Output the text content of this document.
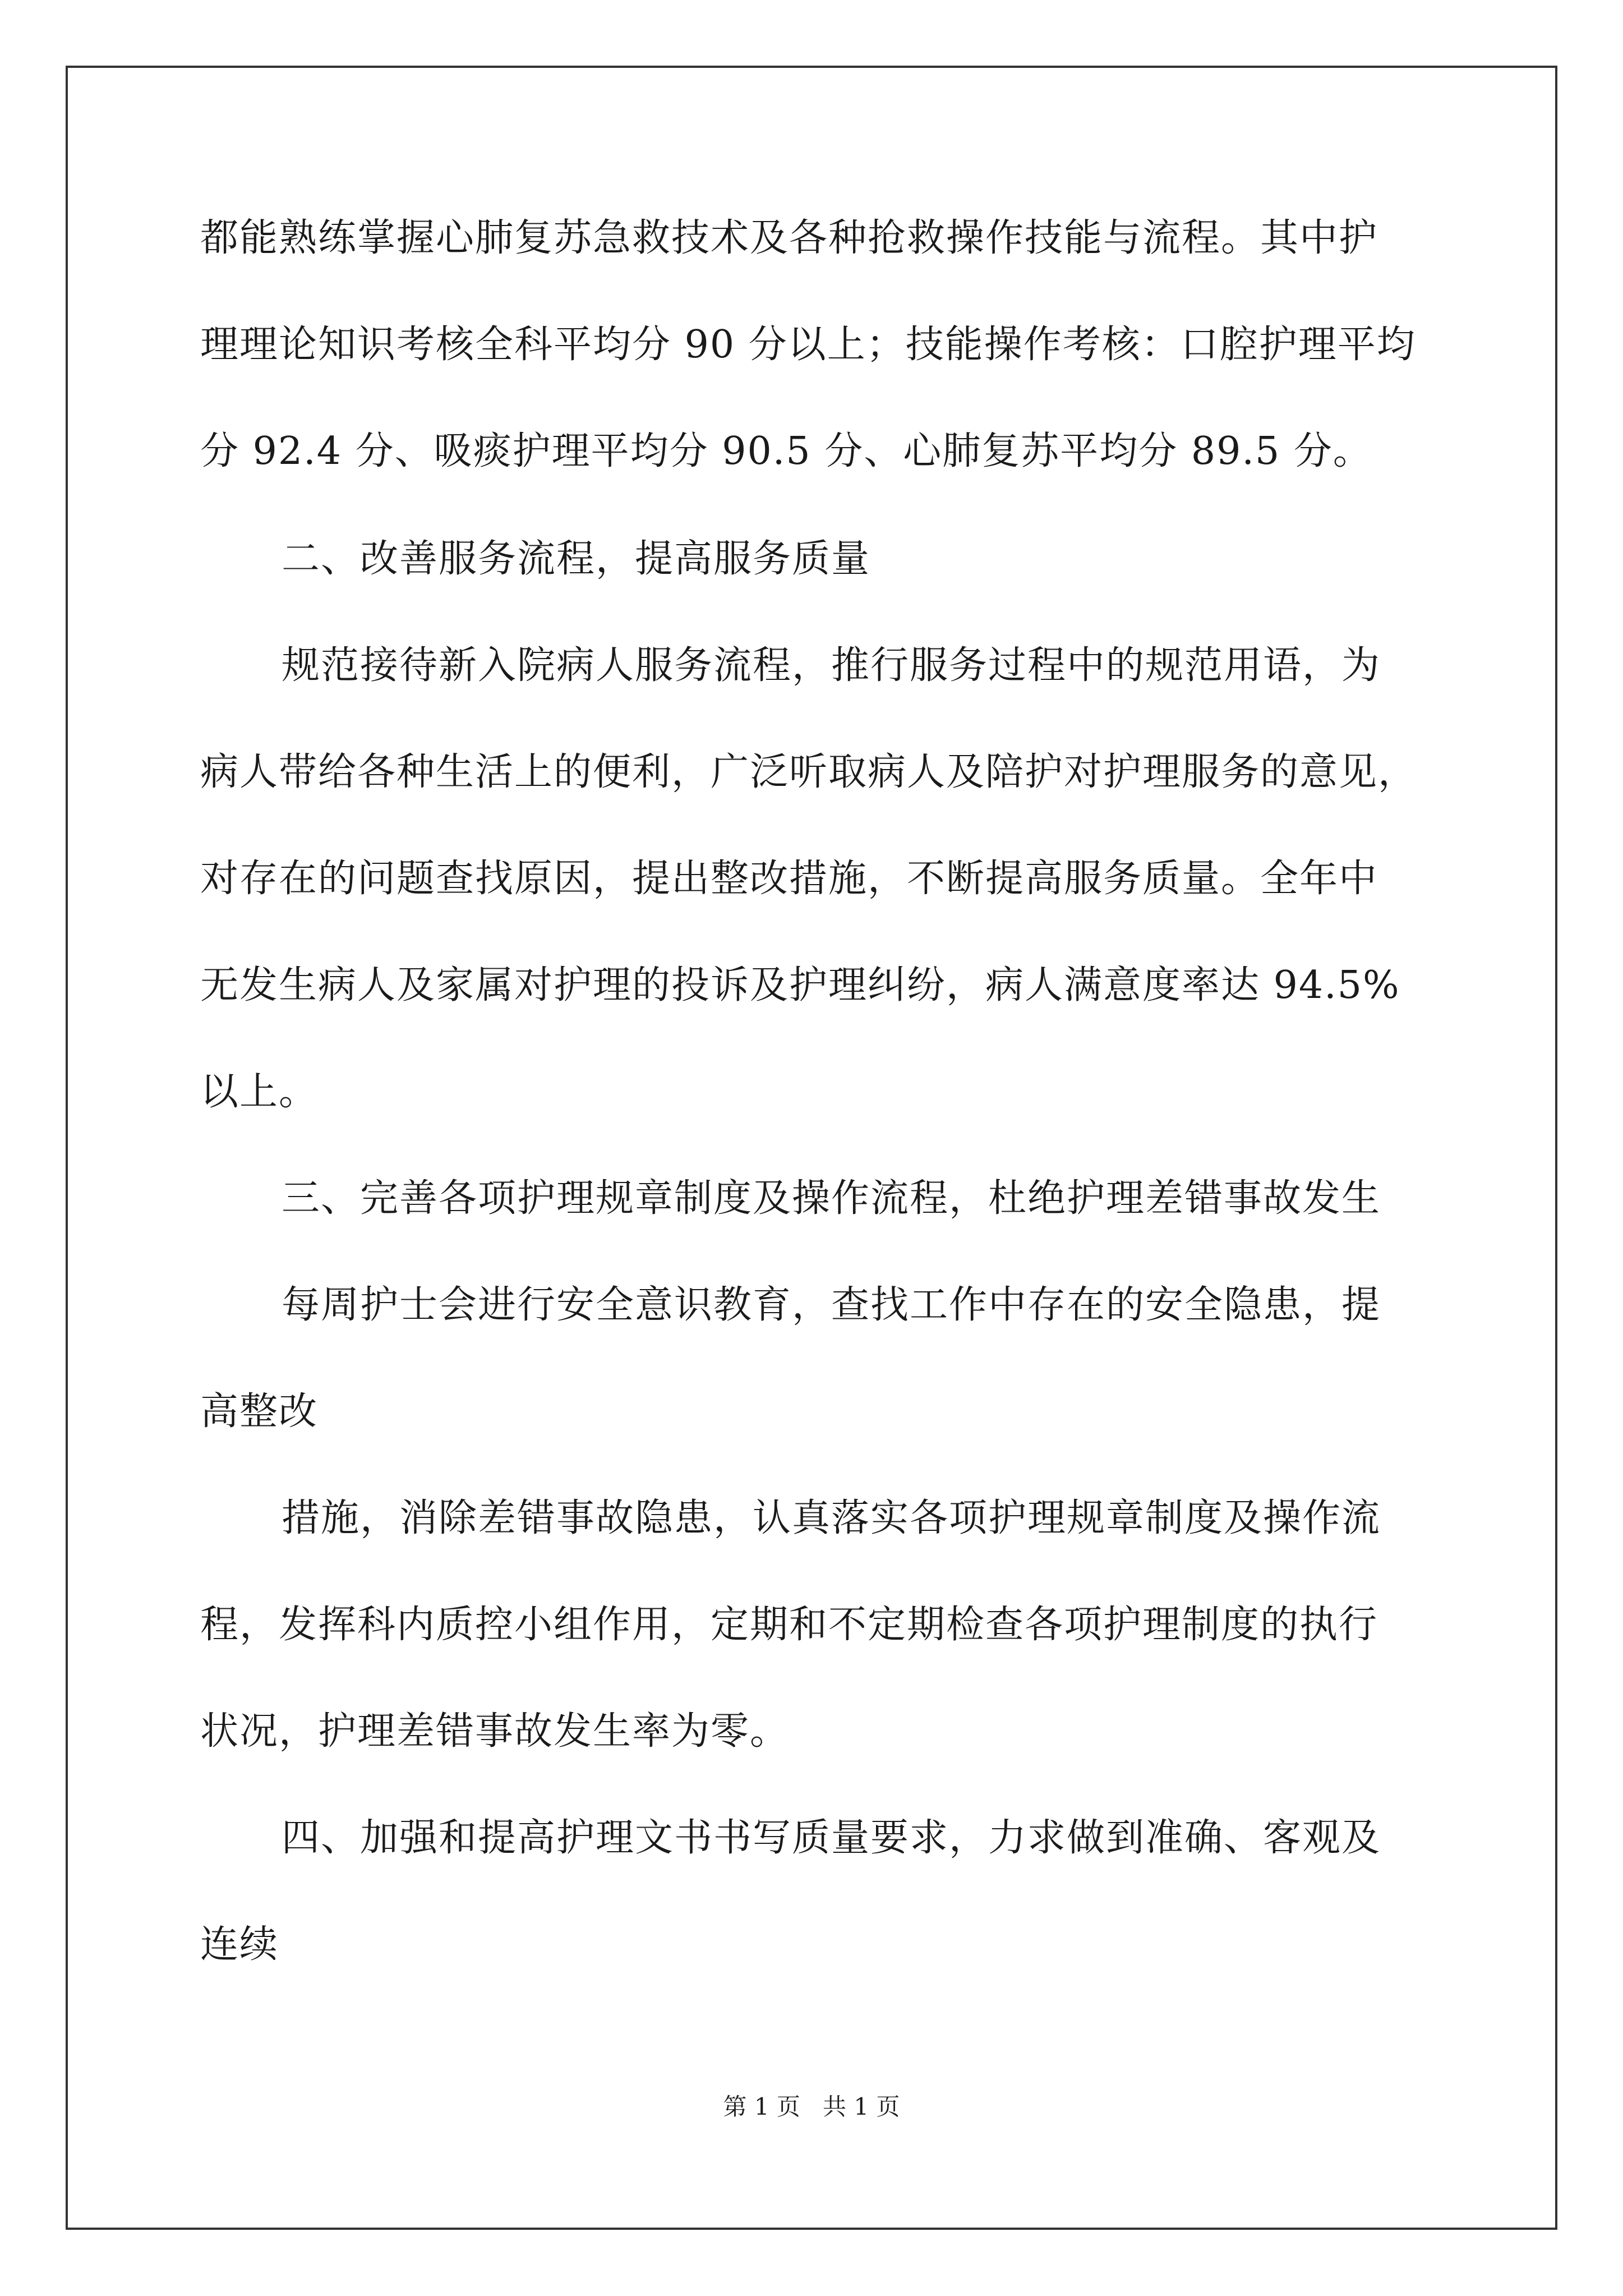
都能熟练掌握心肺复苏急救技术及各种抢救操作技能与流程。其中护
理理论知识考核全科平均分 90 分以上；技能操作考核：口腔护理平均
分 92.4 分、吸痰护理平均分 90.5 分、心肺复苏平均分 89.5 分。
二、改善服务流程，提高服务质量
规范接待新入院病人服务流程，推行服务过程中的规范用语，为
病人带给各种生活上的便利，广泛听取病人及陪护对护理服务的意见，
对存在的问题查找原因，提出整改措施，不断提高服务质量。全年中
无发生病人及家属对护理的投诉及护理纠纷，病人满意度率达 94.5%
以上。
三、完善各项护理规章制度及操作流程，杜绝护理差错事故发生
每周护士会进行安全意识教育，查找工作中存在的安全隐患，提
高整改
措施，消除差错事故隐患，认真落实各项护理规章制度及操作流
程，发挥科内质控小组作用，定期和不定期检查各项护理制度的执行
状况，护理差错事故发生率为零。
四、加强和提高护理文书书写质量要求，力求做到准确、客观及
连续
第 1 页   共 1 页
